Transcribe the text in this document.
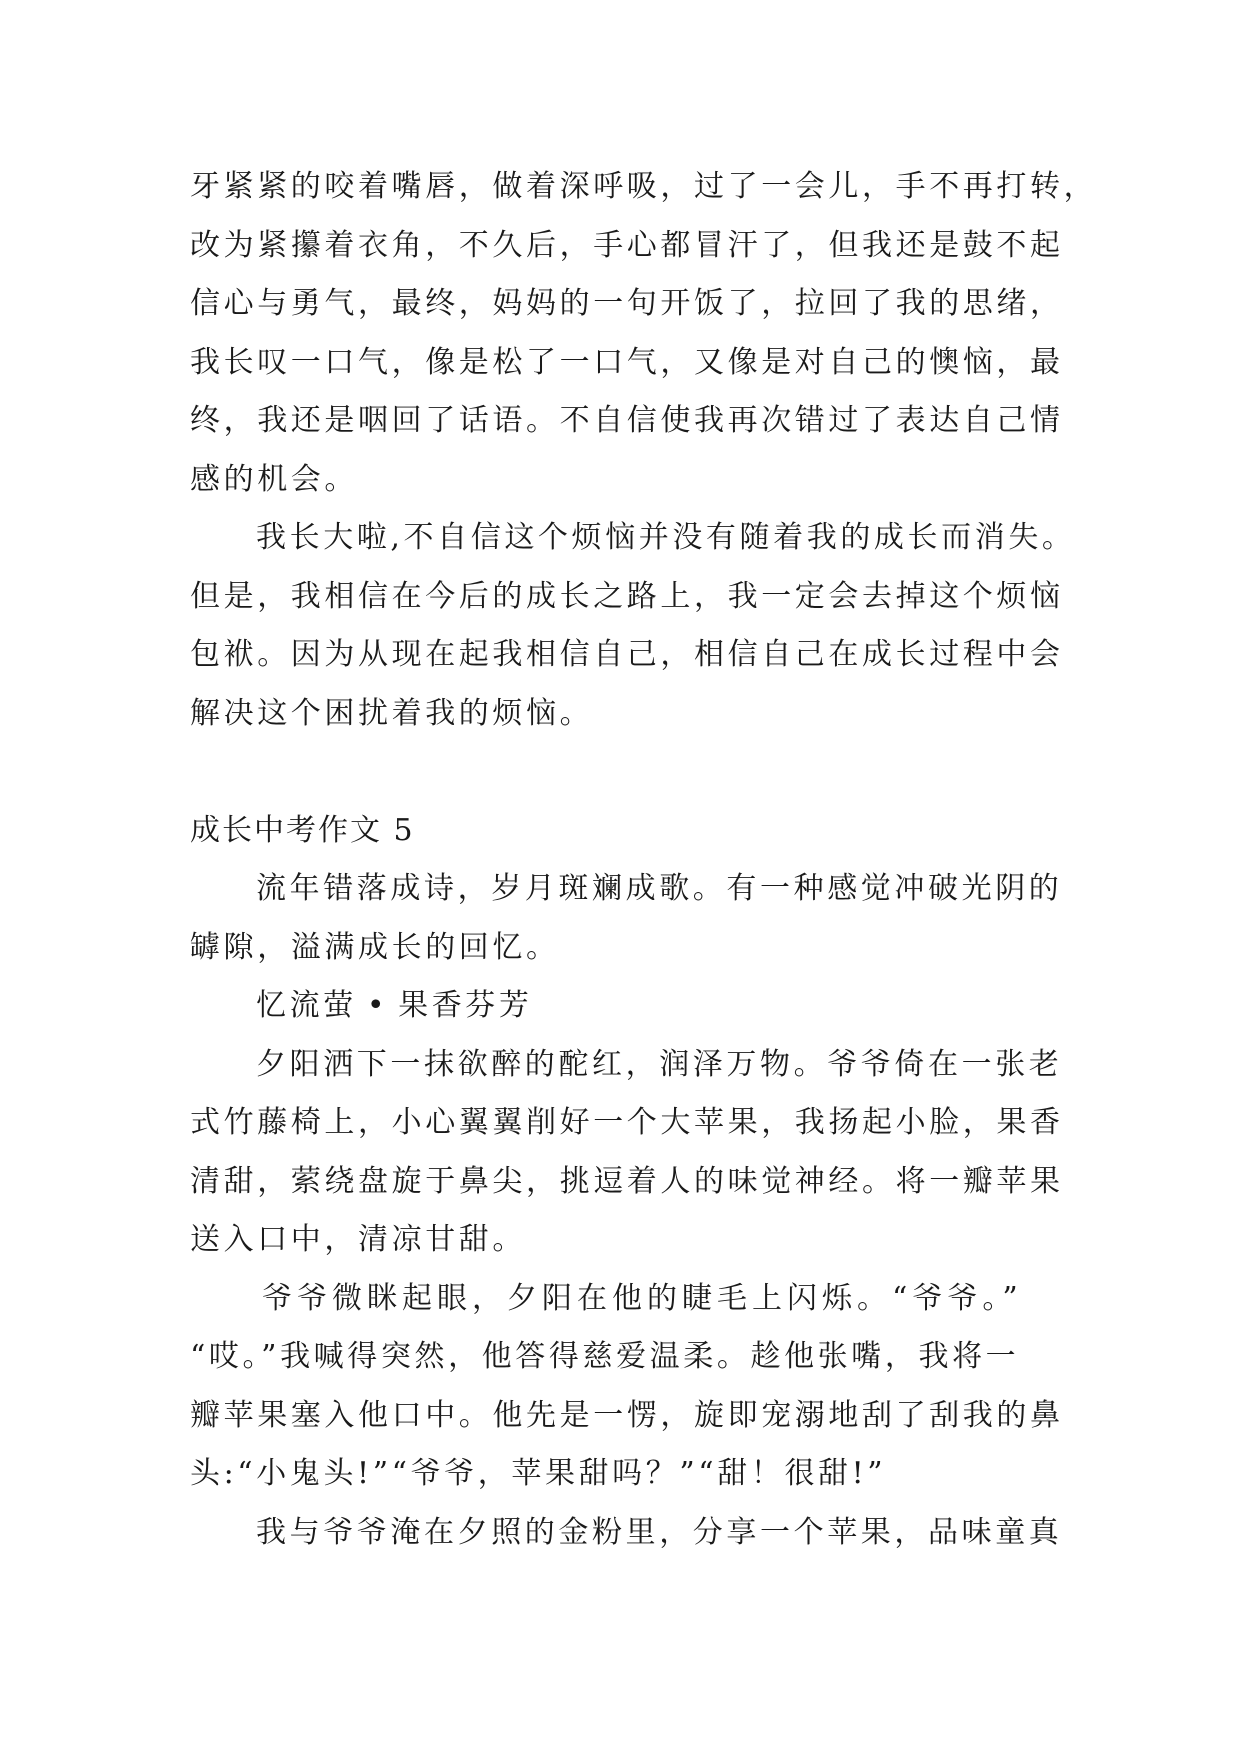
牙紧紧的咬着嘴唇，做着深呼吸，过了一会儿，手不再打转，
改为紧攥着衣角，不久后，手心都冒汗了，但我还是鼓不起
信心与勇气，最终，妈妈的一句开饭了，拉回了我的思绪，
我长叹一口气，像是松了一口气，又像是对自己的懊恼，最
终，我还是咽回了话语。不自信使我再次错过了表达自己情
感的机会。
我长大啦,不自信这个烦恼并没有随着我的成长而消失。
但是，我相信在今后的成长之路上，我一定会去掉这个烦恼
包袱。因为从现在起我相信自己，相信自己在成长过程中会
解决这个困扰着我的烦恼。
成长中考作文 5
流年错落成诗，岁月斑斓成歌。有一种感觉冲破光阴的
罅隙，溢满成长的回忆。
忆流萤 • 果香芬芳
夕阳洒下一抹欲醉的酡红，润泽万物。爷爷倚在一张老
式竹藤椅上，小心翼翼削好一个大苹果，我扬起小脸，果香
清甜，萦绕盘旋于鼻尖，挑逗着人的味觉神经。将一瓣苹果
送入口中，清凉甘甜。
爷爷微眯起眼，夕阳在他的睫毛上闪烁。“爷爷。”
“哎。”我喊得突然，他答得慈爱温柔。趁他张嘴，我将一
瓣苹果塞入他口中。他先是一愣，旋即宠溺地刮了刮我的鼻
头:“小鬼头!”“爷爷，苹果甜吗？”“甜！很甜!”
我与爷爷淹在夕照的金粉里，分享一个苹果，品味童真
